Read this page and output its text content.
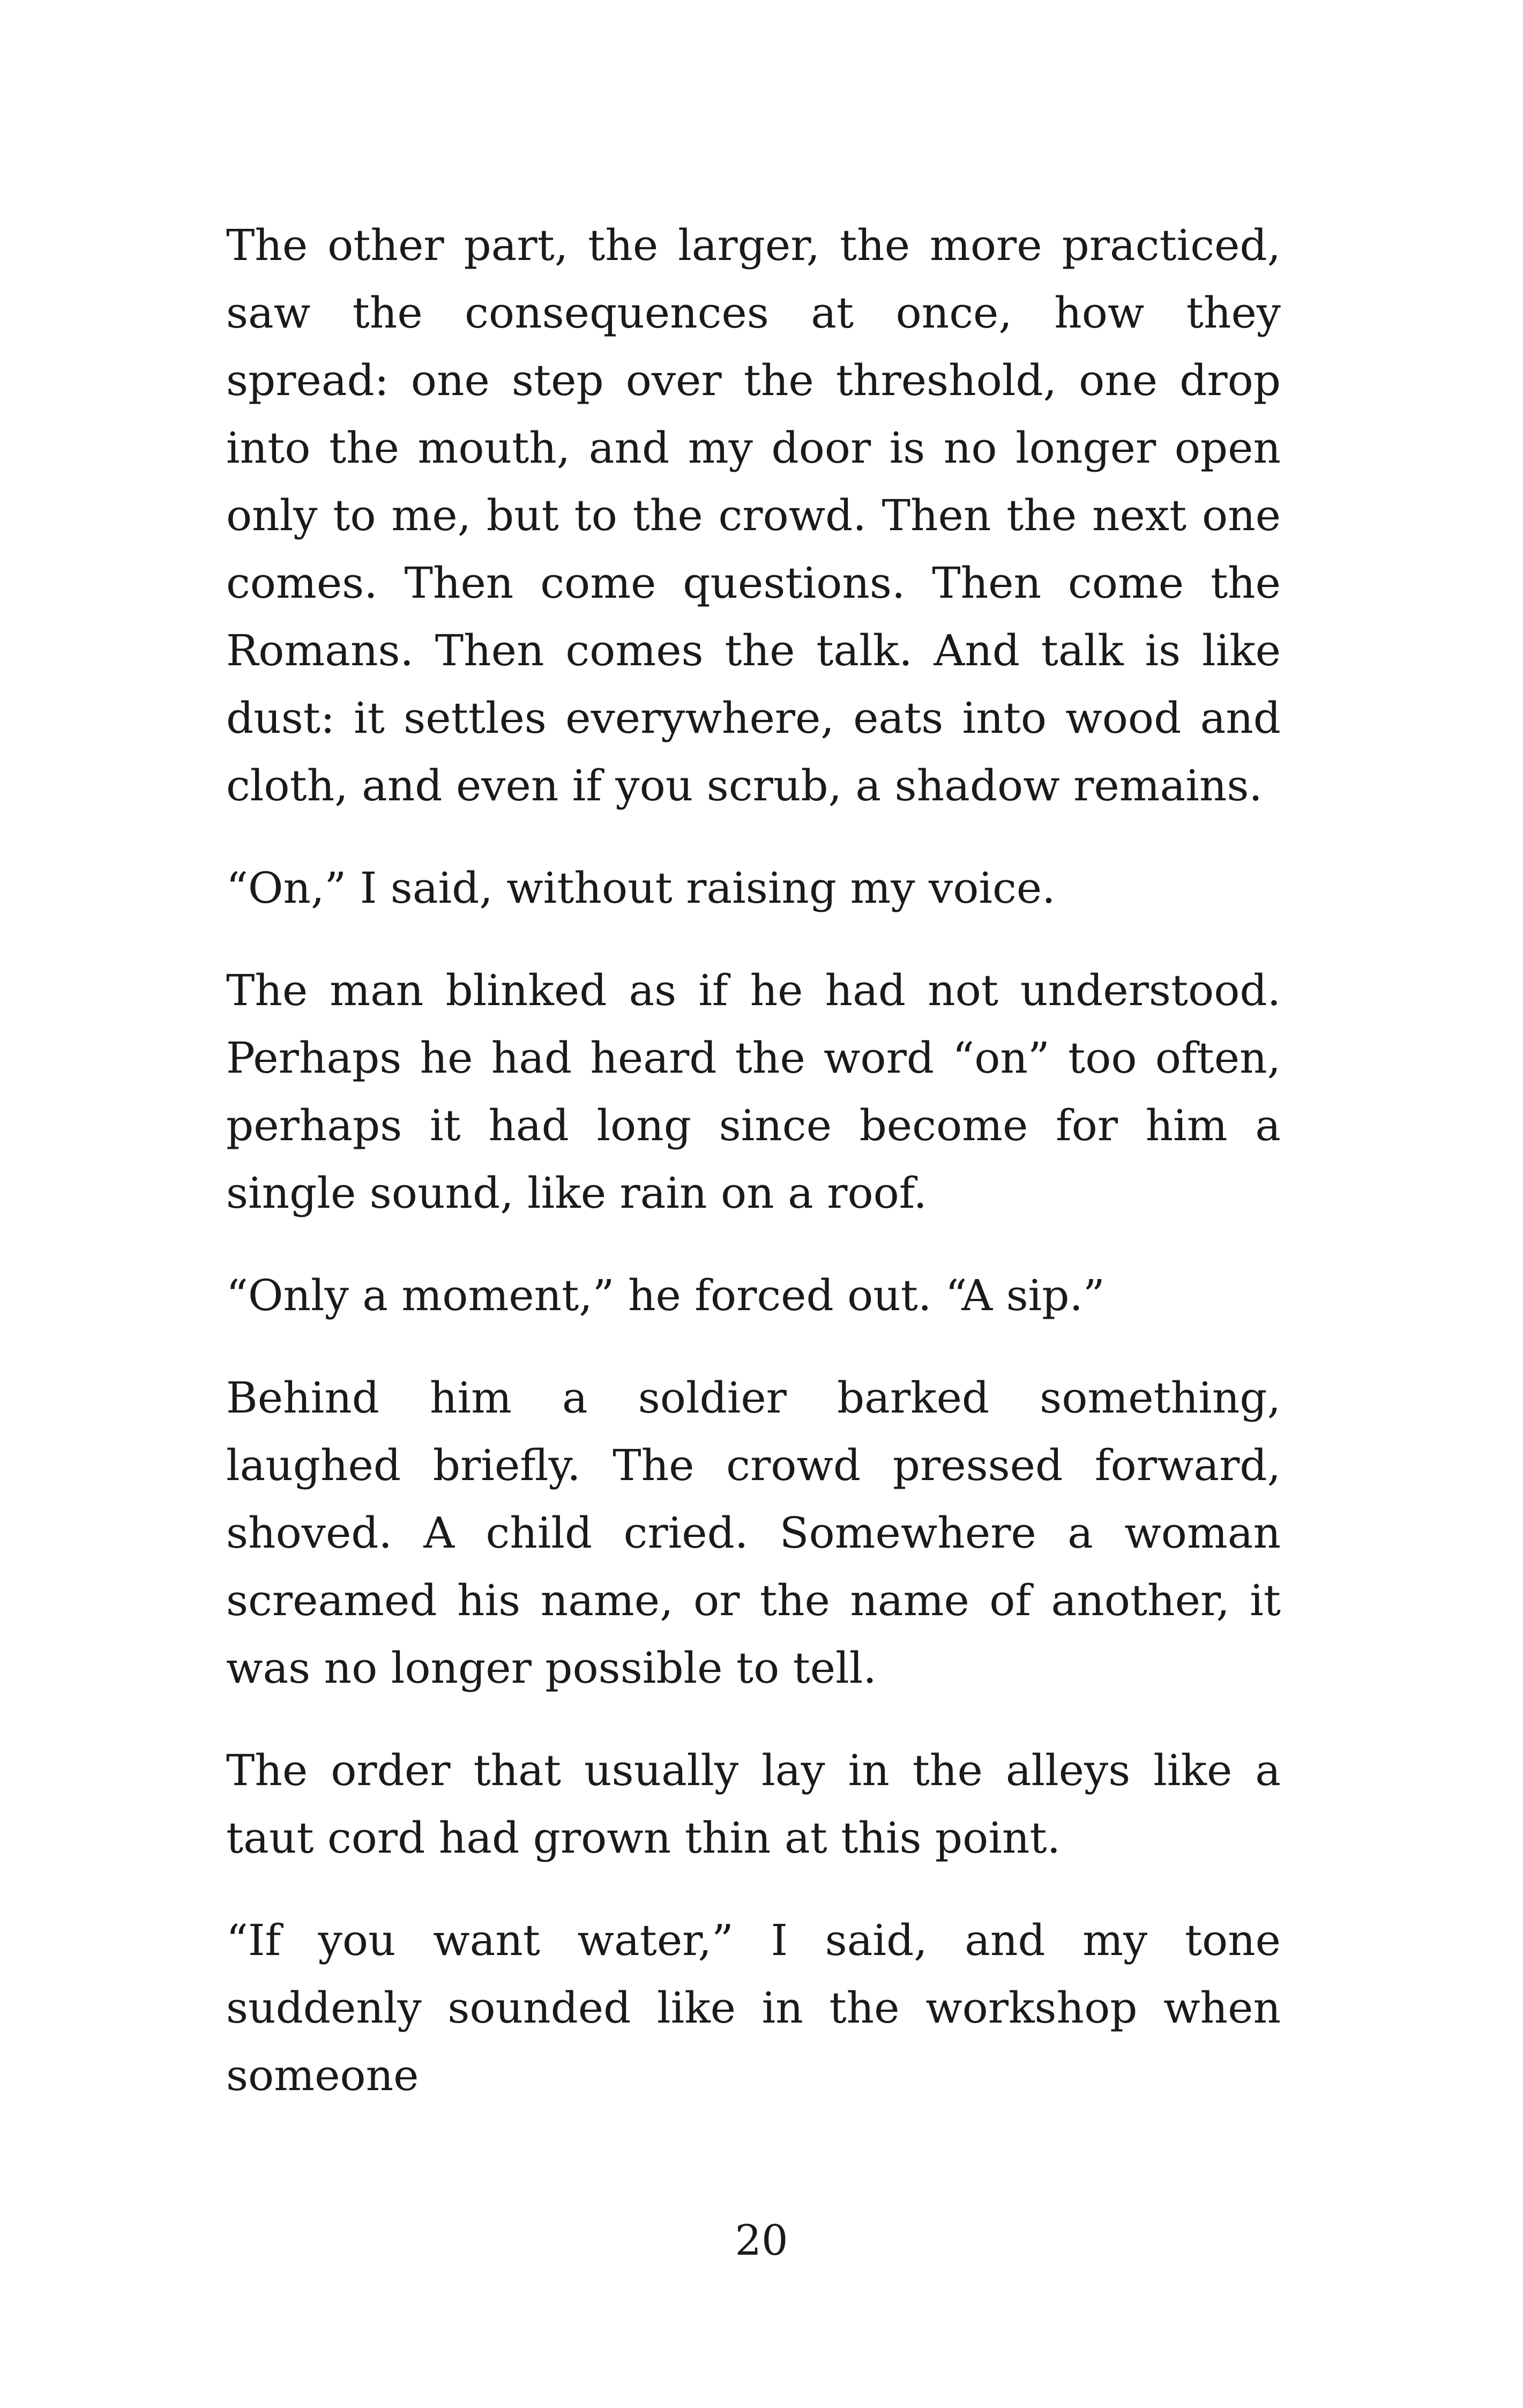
The other part, the larger, the more practiced, saw the consequences at once, how they spread: one step over the threshold, one drop into the mouth, and my door is no longer open only to me, but to the crowd. Then the next one comes. Then come questions. Then come the Romans. Then comes the talk. And talk is like dust: it settles everywhere, eats into wood and cloth, and even if you scrub, a shadow remains.

“On,” I said, without raising my voice.

The man blinked as if he had not understood. Perhaps he had heard the word “on” too often, perhaps it had long since become for him a single sound, like rain on a roof.

“Only a moment,” he forced out. “A sip.”

Behind him a soldier barked something, laughed briefly. The crowd pressed forward, shoved. A child cried. Somewhere a woman screamed his name, or the name of another, it was no longer possible to tell.

The order that usually lay in the alleys like a taut cord had grown thin at this point.

“If you want water,” I said, and my tone suddenly sounded like in the workshop when someone

20
